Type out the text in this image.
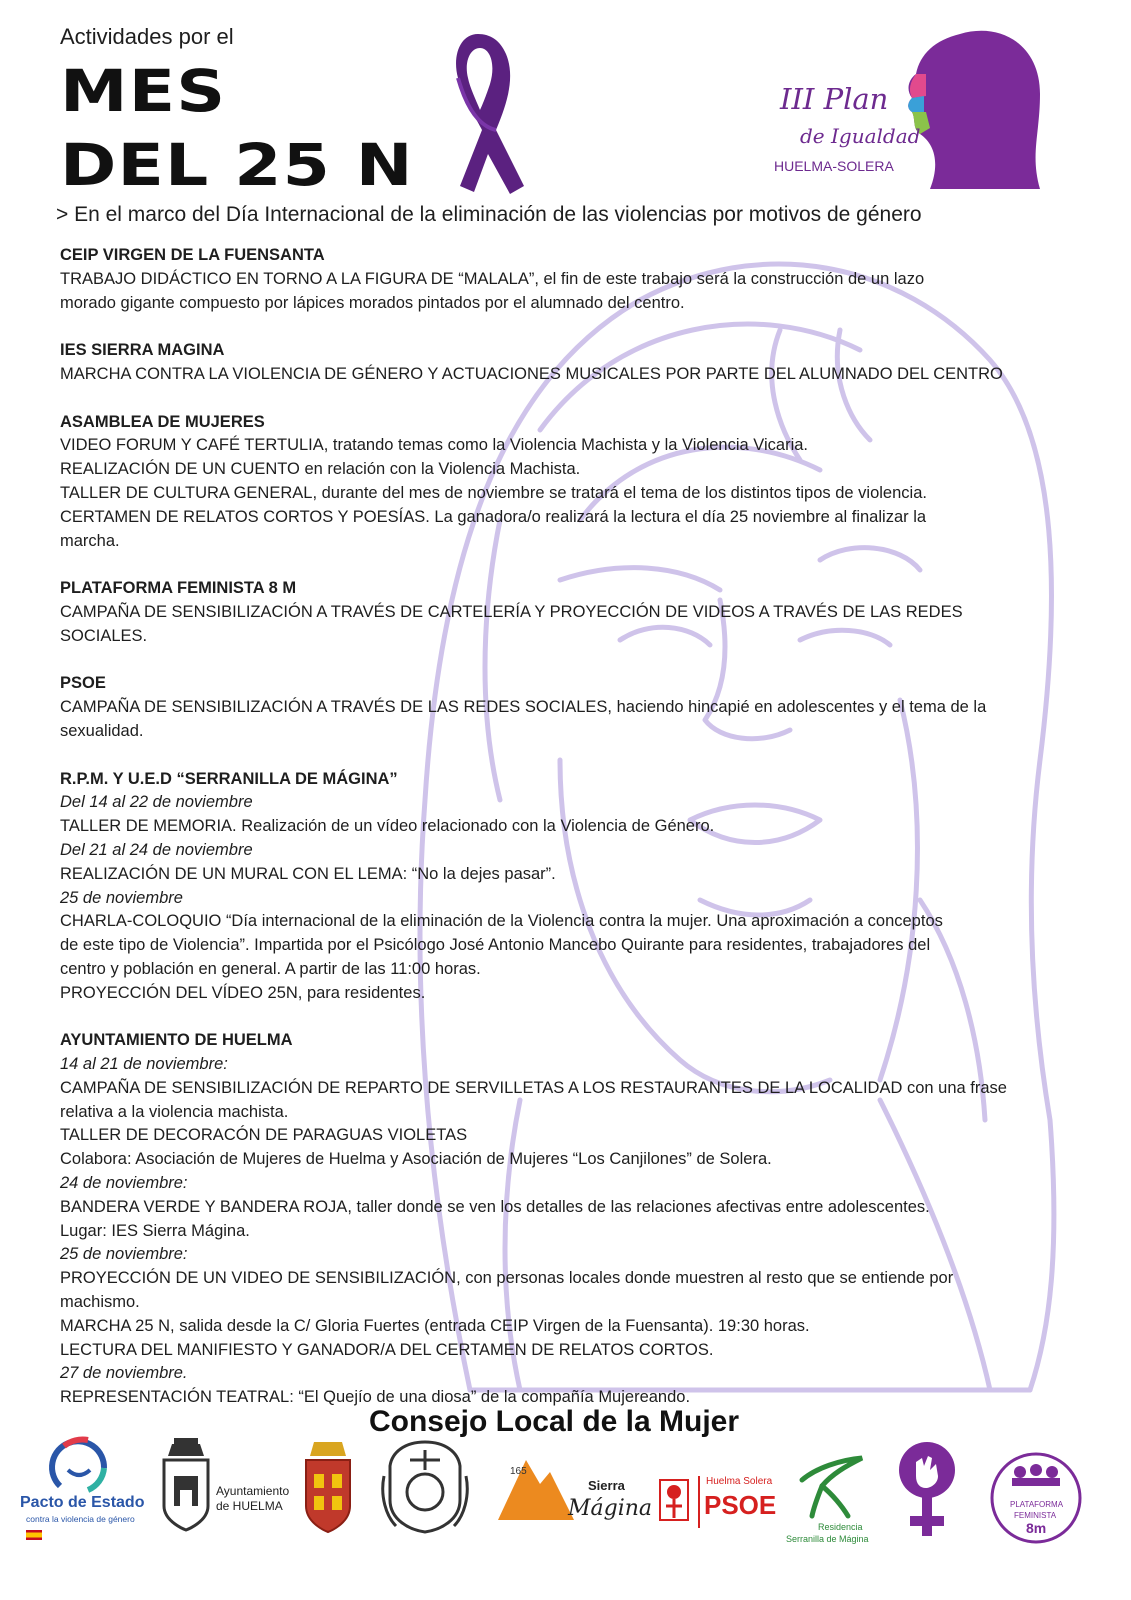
Actividades por el
MES
DEL 25 N
III Plan
de Igualdad
HUELMA-SOLERA
> En el marco del Día Internacional de la eliminación de las violencias por motivos de género
CEIP VIRGEN DE LA FUENSANTA
TRABAJO DIDÁCTICO EN TORNO A LA FIGURA DE “MALALA”, el fin de este trabajo será la construcción de un lazo
morado gigante compuesto por lápices morados pintados por el alumnado del centro.
IES SIERRA MAGINA
MARCHA CONTRA LA VIOLENCIA DE GÉNERO Y ACTUACIONES MUSICALES POR PARTE DEL ALUMNADO DEL CENTRO
ASAMBLEA DE MUJERES
VIDEO FORUM Y CAFÉ TERTULIA, tratando temas como la Violencia Machista y la Violencia Vicaria.
REALIZACIÓN DE UN CUENTO en relación con la Violencia Machista.
TALLER DE CULTURA GENERAL, durante del mes de noviembre se tratará el tema de los distintos tipos de violencia.
CERTAMEN DE RELATOS CORTOS Y POESÍAS. La ganadora/o realizará la lectura el día 25 noviembre al finalizar la
marcha.
PLATAFORMA FEMINISTA 8 M
CAMPAÑA DE SENSIBILIZACIÓN A TRAVÉS DE CARTELERÍA Y PROYECCIÓN DE VIDEOS A TRAVÉS DE LAS REDES SOCIALES.
PSOE
CAMPAÑA DE SENSIBILIZACIÓN A TRAVÉS DE LAS REDES SOCIALES, haciendo hincapié en adolescentes y el tema de la
sexualidad.
R.P.M. Y U.E.D “SERRANILLA DE MÁGINA”
Del 14 al 22 de noviembre
TALLER DE MEMORIA. Realización de un vídeo relacionado con la Violencia de Género.
Del 21 al 24 de noviembre
REALIZACIÓN DE UN MURAL CON EL LEMA: “No la dejes pasar”.
25 de noviembre
CHARLA-COLOQUIO “Día internacional de la eliminación de la Violencia contra la mujer. Una aproximación a conceptos
de este tipo de Violencia”. Impartida por el Psicólogo José Antonio Mancebo Quirante para residentes, trabajadores del
centro y población en general. A partir de las 11:00 horas.
PROYECCIÓN DEL VÍDEO 25N, para residentes.
AYUNTAMIENTO DE HUELMA
14 al 21 de noviembre:
CAMPAÑA DE SENSIBILIZACIÓN DE REPARTO DE SERVILLETAS A LOS RESTAURANTES DE LA LOCALIDAD con una frase
relativa a la violencia machista.
TALLER DE DECORACÓN DE PARAGUAS VIOLETAS
Colabora: Asociación de Mujeres de Huelma y Asociación de Mujeres “Los Canjilones” de Solera.
24 de noviembre:
BANDERA VERDE Y BANDERA ROJA, taller donde se ven los detalles de las relaciones afectivas entre adolescentes.
Lugar: IES Sierra Mágina.
25 de noviembre:
PROYECCIÓN DE UN VIDEO DE SENSIBILIZACIÓN, con personas locales donde muestren al resto que se entiende por
machismo.
MARCHA 25 N, salida desde la C/ Gloria Fuertes (entrada CEIP Virgen de la Fuensanta). 19:30 horas.
LECTURA DEL MANIFIESTO Y GANADOR/A DEL CERTAMEN DE RELATOS CORTOS.
27 de noviembre.
REPRESENTACIÓN TEATRAL: “El Quejío de una diosa” de la compañía Mujereando.
Consejo Local de la Mujer
Pacto de Estado
contra la violencia de género
Ayuntamiento
de HUELMA
165
Sierra
Mágina
Huelma Solera
PSOE
Residencia
Serranilla de Mágina
PLATAFORMA
FEMINISTA
8m
